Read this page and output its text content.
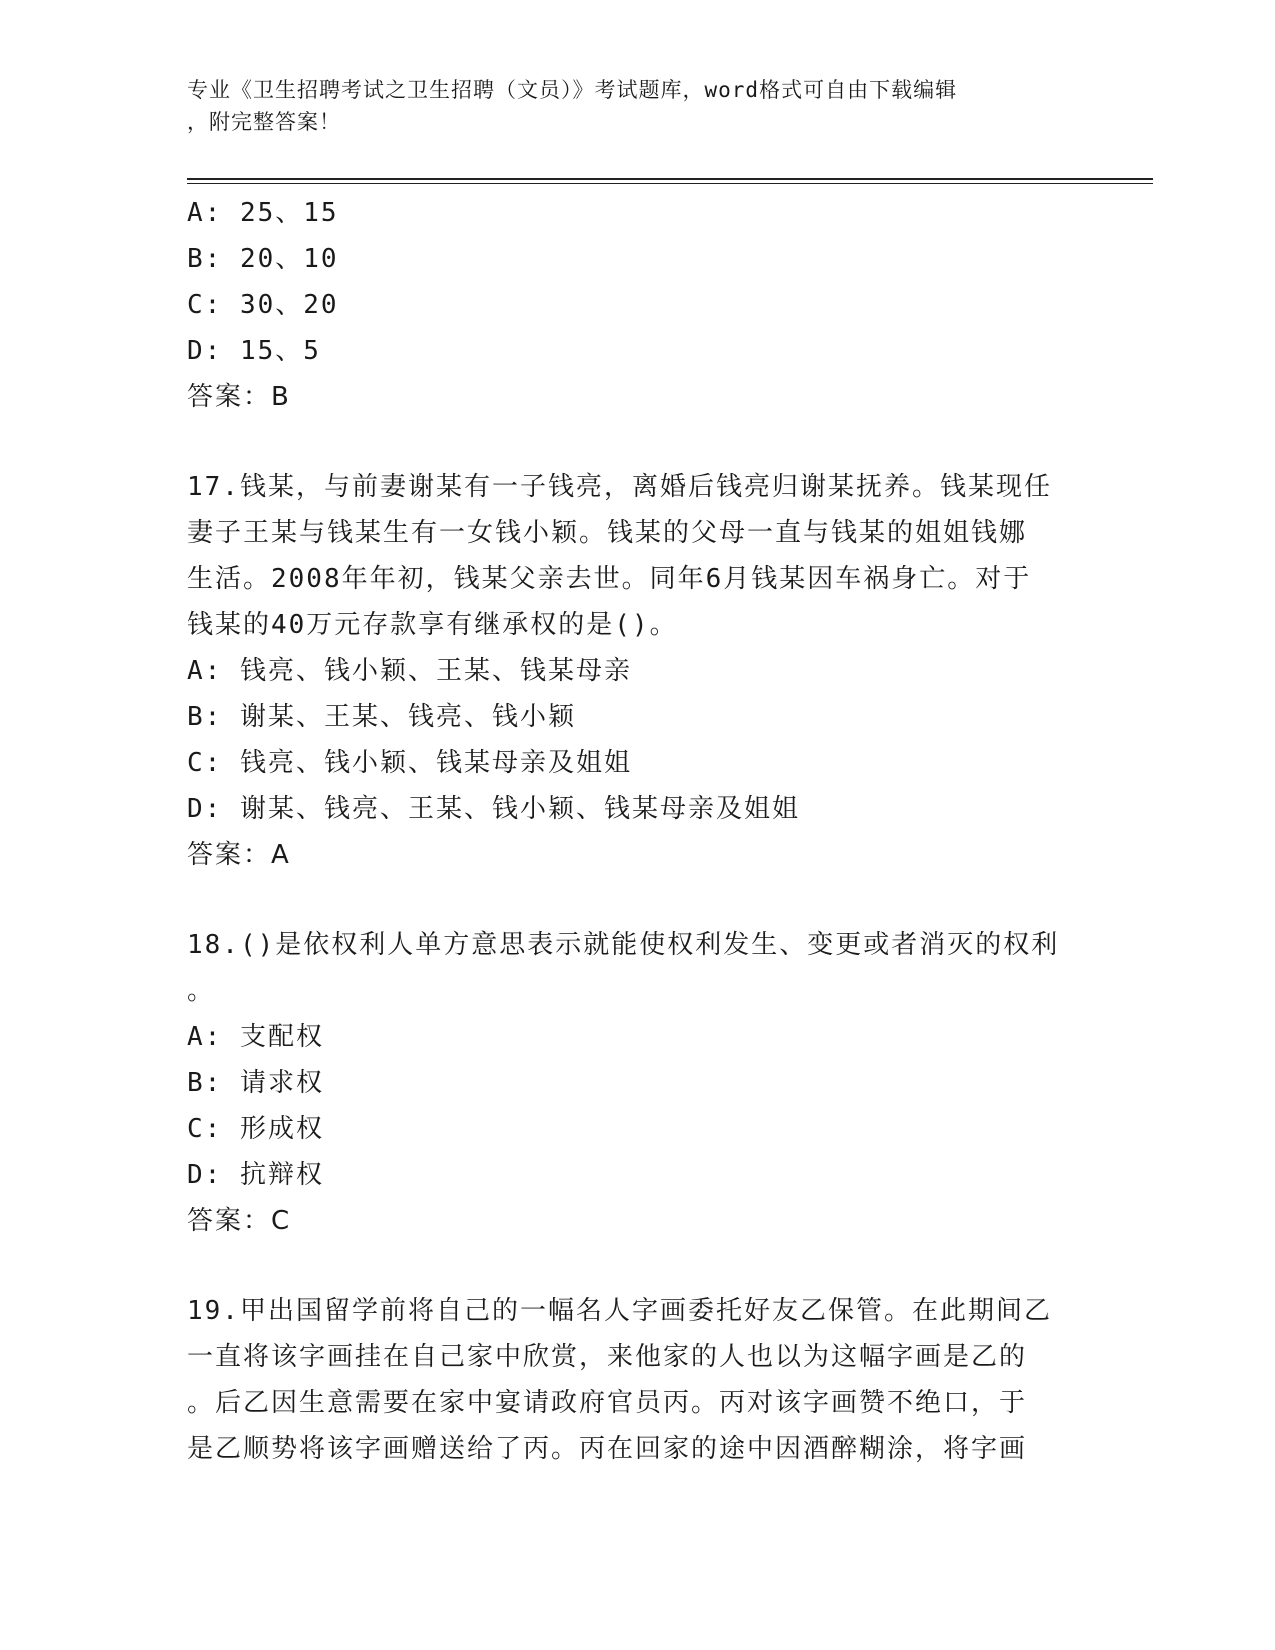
专业《卫生招聘考试之卫生招聘（文员）》考试题库，word格式可自由下载编辑
，附完整答案！
A: 25、15
B: 20、10
C: 30、20
D: 15、5
答案：B
17.钱某，与前妻谢某有一子钱亮，离婚后钱亮归谢某抚养。钱某现任
妻子王某与钱某生有一女钱小颖。钱某的父母一直与钱某的姐姐钱娜
生活。2008年年初，钱某父亲去世。同年6月钱某因车祸身亡。对于
钱某的40万元存款享有继承权的是()。
A: 钱亮、钱小颖、王某、钱某母亲
B: 谢某、王某、钱亮、钱小颖
C: 钱亮、钱小颖、钱某母亲及姐姐
D: 谢某、钱亮、王某、钱小颖、钱某母亲及姐姐
答案：A
18.()是依权利人单方意思表示就能使权利发生、变更或者消灭的权利
。
A: 支配权
B: 请求权
C: 形成权
D: 抗辩权
答案：C
19.甲出国留学前将自己的一幅名人字画委托好友乙保管。在此期间乙
一直将该字画挂在自己家中欣赏，来他家的人也以为这幅字画是乙的
。后乙因生意需要在家中宴请政府官员丙。丙对该字画赞不绝口，于
是乙顺势将该字画赠送给了丙。丙在回家的途中因酒醉糊涂，将字画
